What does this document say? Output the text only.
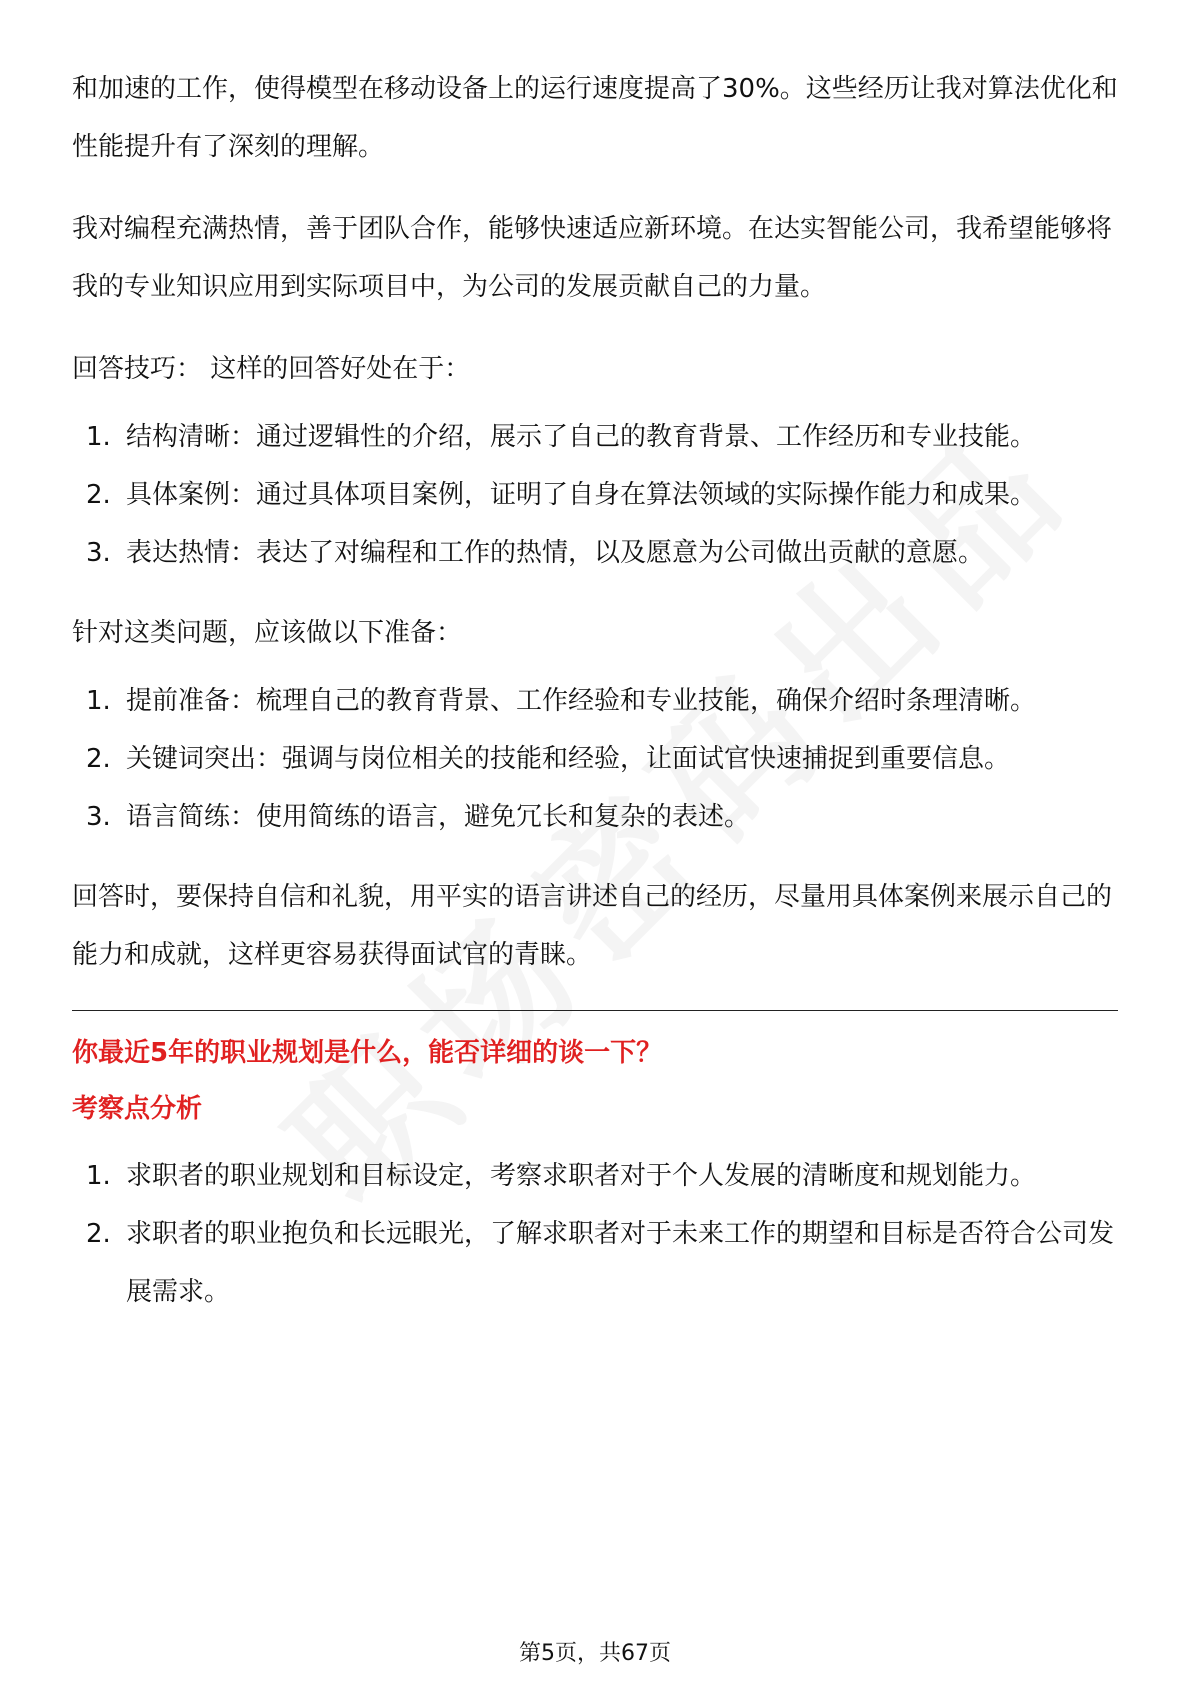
和加速的工作，使得模型在移动设备上的运行速度提高了30%。这些经历让我对算法优化和性能提升有了深刻的理解。

我对编程充满热情，善于团队合作，能够快速适应新环境。在达实智能公司，我希望能够将我的专业知识应用到实际项目中，为公司的发展贡献自己的力量。

回答技巧： 这样的回答好处在于：

1. 结构清晰：通过逻辑性的介绍，展示了自己的教育背景、工作经历和专业技能。
2. 具体案例：通过具体项目案例，证明了自身在算法领域的实际操作能力和成果。
3. 表达热情：表达了对编程和工作的热情，以及愿意为公司做出贡献的意愿。

针对这类问题，应该做以下准备：

1. 提前准备：梳理自己的教育背景、工作经验和专业技能，确保介绍时条理清晰。
2. 关键词突出：强调与岗位相关的技能和经验，让面试官快速捕捉到重要信息。
3. 语言简练：使用简练的语言，避免冗长和复杂的表述。

回答时，要保持自信和礼貌，用平实的语言讲述自己的经历，尽量用具体案例来展示自己的能力和成就，这样更容易获得面试官的青睐。

你最近5年的职业规划是什么，能否详细的谈一下？

考察点分析

1. 求职者的职业规划和目标设定，考察求职者对于个人发展的清晰度和规划能力。
2. 求职者的职业抱负和长远眼光，了解求职者对于未来工作的期望和目标是否符合公司发展需求。
第5页，共67页
